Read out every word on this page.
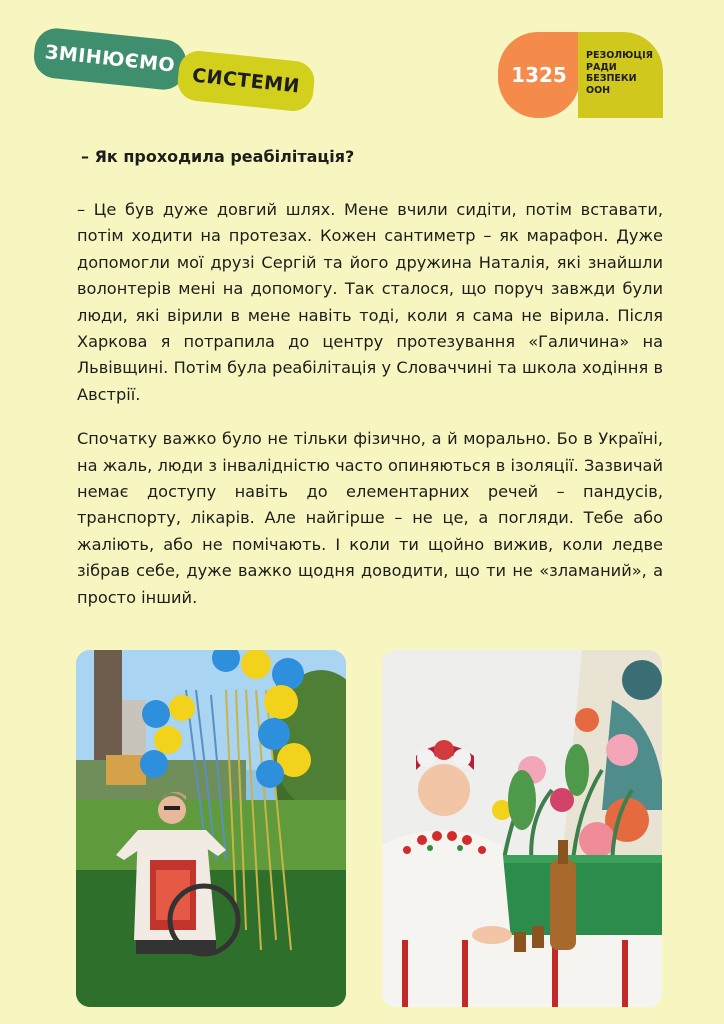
ЗМІНЮЄМО
СИСТЕМИ	1325
РЕЗОЛЮЦІЯ
РАДИ
БЕЗПЕКИ
ООН

– Як проходила реабілітація?

– Це був дуже довгий шлях. Мене вчили сидіти, потім вставати, потім ходити на протезах. Кожен сантиметр – як марафон. Дуже допомогли мої друзі Сергій та його дружина Наталія, які знайшли волонтерів мені на допомогу. Так сталося, що поруч завжди були люди, які вірили в мене навіть тоді, коли я сама не вірила. Після Харкова я потрапила до центру протезування «Галичина» на Львівщині. Потім була реабілітація у Словаччині та школа ходіння в Австрії.

Спочатку важко було не тільки фізично, а й морально. Бо в Україні, на жаль, люди з інвалідністю часто опиняються в ізоляції. Зазвичай немає доступу навіть до елементарних речей – пандусів, транспорту, лікарів. Але найгірше – не це, а погляди. Тебе або жаліють, або не помічають. І коли ти щойно вижив, коли ледве зібрав себе, дуже важко щодня доводити, що ти не «зламаний», а просто інший.
